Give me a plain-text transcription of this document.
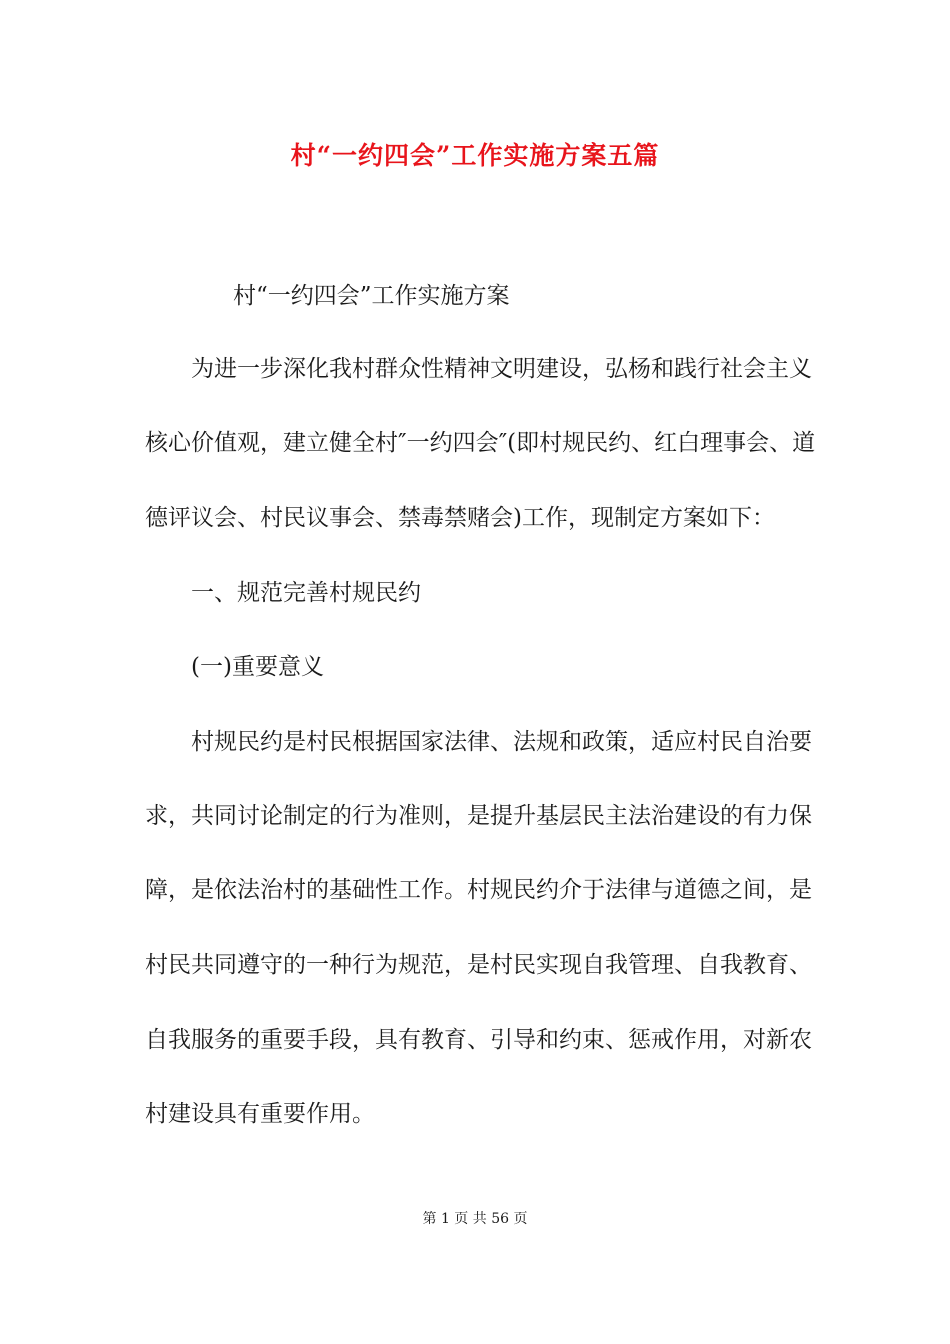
村“一约四会”工作实施方案五篇

村“一约四会”工作实施方案

为进一步深化我村群众性精神文明建设，弘杨和践行社会主义

核心价值观，建立健全村″一约四会″(即村规民约、红白理事会、道

德评议会、村民议事会、禁毒禁赌会)工作，现制定方案如下：

一、规范完善村规民约

(一)重要意义

村规民约是村民根据国家法律、法规和政策，适应村民自治要

求，共同讨论制定的行为准则，是提升基层民主法治建设的有力保

障，是依法治村的基础性工作。村规民约介于法律与道德之间，是

村民共同遵守的一种行为规范，是村民实现自我管理、自我教育、

自我服务的重要手段，具有教育、引导和约束、惩戒作用，对新农

村建设具有重要作用。

第 1 页 共 56 页
